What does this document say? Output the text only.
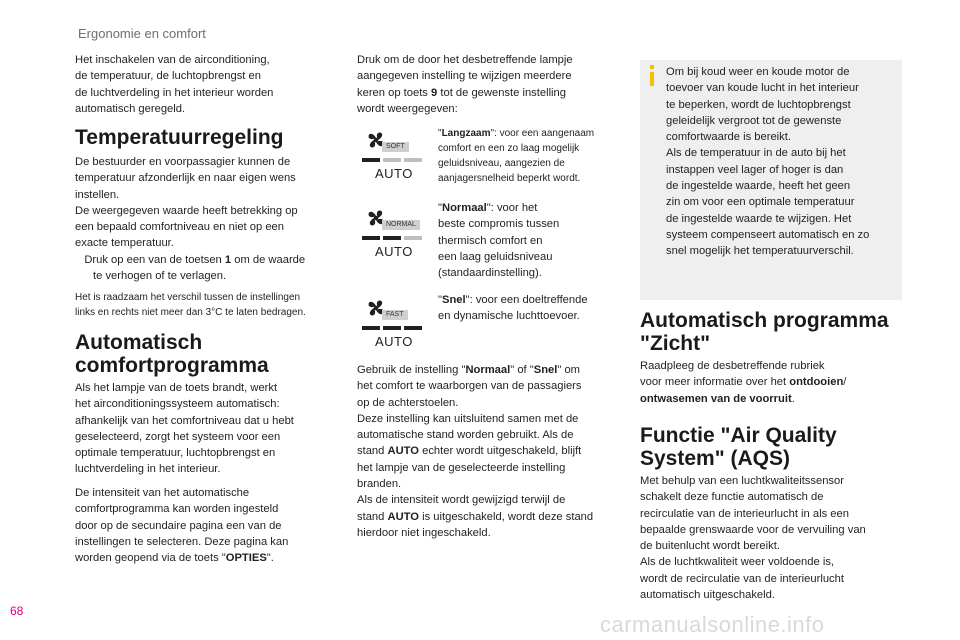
Ergonomie en comfort

Het inschakelen van de airconditioning,

de temperatuur, de luchtopbrengst en

de luchtverdeling in het interieur worden

automatisch geregeld.

Temperatuurregeling

De bestuurder en voorpassagier kunnen de

temperatuur afzonderlijk en naar eigen wens

instellen.

De weergegeven waarde heeft betrekking op

een bepaald comfortniveau en niet op een

exacte temperatuur.

Druk op een van de toetsen 1 om de waarde

te verhogen of te verlagen.

Het is raadzaam het verschil tussen de instellingen

links en rechts niet meer dan 3°C te laten bedragen.

Automatisch
comfortprogramma

Als het lampje van de toets brandt, werkt

het airconditioningssysteem automatisch:

afhankelijk van het comfortniveau dat u hebt

geselecteerd, zorgt het systeem voor een

optimale temperatuur, luchtopbrengst en

luchtverdeling in het interieur.

De intensiteit van het automatische

comfortprogramma kan worden ingesteld

door op de secundaire pagina een van de

instellingen te selecteren. Deze pagina kan

worden geopend via de toets "OPTIES".

Druk om de door het desbetreffende lampje

aangegeven instelling te wijzigen meerdere

keren op toets 9 tot de gewenste instelling

wordt weergegeven:

SOFT
AUTO

"Langzaam": voor een aangenaam

comfort en een zo laag mogelijk

geluidsniveau, aangezien de

aanjagersnelheid beperkt wordt.

NORMAL
AUTO

"Normaal": voor het

beste compromis tussen

thermisch comfort en

een laag geluidsniveau

(standaardinstelling).

FAST
AUTO

"Snel": voor een doeltreffende

en dynamische luchttoevoer.

Gebruik de instelling "Normaal" of "Snel" om

het comfort te waarborgen van de passagiers

op de achterstoelen.

Deze instelling kan uitsluitend samen met de

automatische stand worden gebruikt. Als de

stand AUTO echter wordt uitgeschakeld, blijft

het lampje van de geselecteerde instelling

branden.

Als de intensiteit wordt gewijzigd terwijl de

stand AUTO is uitgeschakeld, wordt deze stand

hierdoor niet ingeschakeld.

Om bij koud weer en koude motor de

toevoer van koude lucht in het interieur

te beperken, wordt de luchtopbrengst

geleidelijk vergroot tot de gewenste

comfortwaarde is bereikt.

Als de temperatuur in de auto bij het

instappen veel lager of hoger is dan

de ingestelde waarde, heeft het geen

zin om voor een optimale temperatuur

de ingestelde waarde te wijzigen. Het

systeem compenseert automatisch en zo

snel mogelijk het temperatuurverschil.

Automatisch programma
"Zicht"

Raadpleeg de desbetreffende rubriek

voor meer informatie over het ontdooien/

ontwasemen van de voorruit.

Functie "Air Quality
System" (AQS)

Met behulp van een luchtkwaliteitssensor

schakelt deze functie automatisch de

recirculatie van de interieurlucht in als een

bepaalde grenswaarde voor de vervuiling van

de buitenlucht wordt bereikt.

Als de luchtkwaliteit weer voldoende is,

wordt de recirculatie van de interieurlucht

automatisch uitgeschakeld.

68
carmanualsonline.info
